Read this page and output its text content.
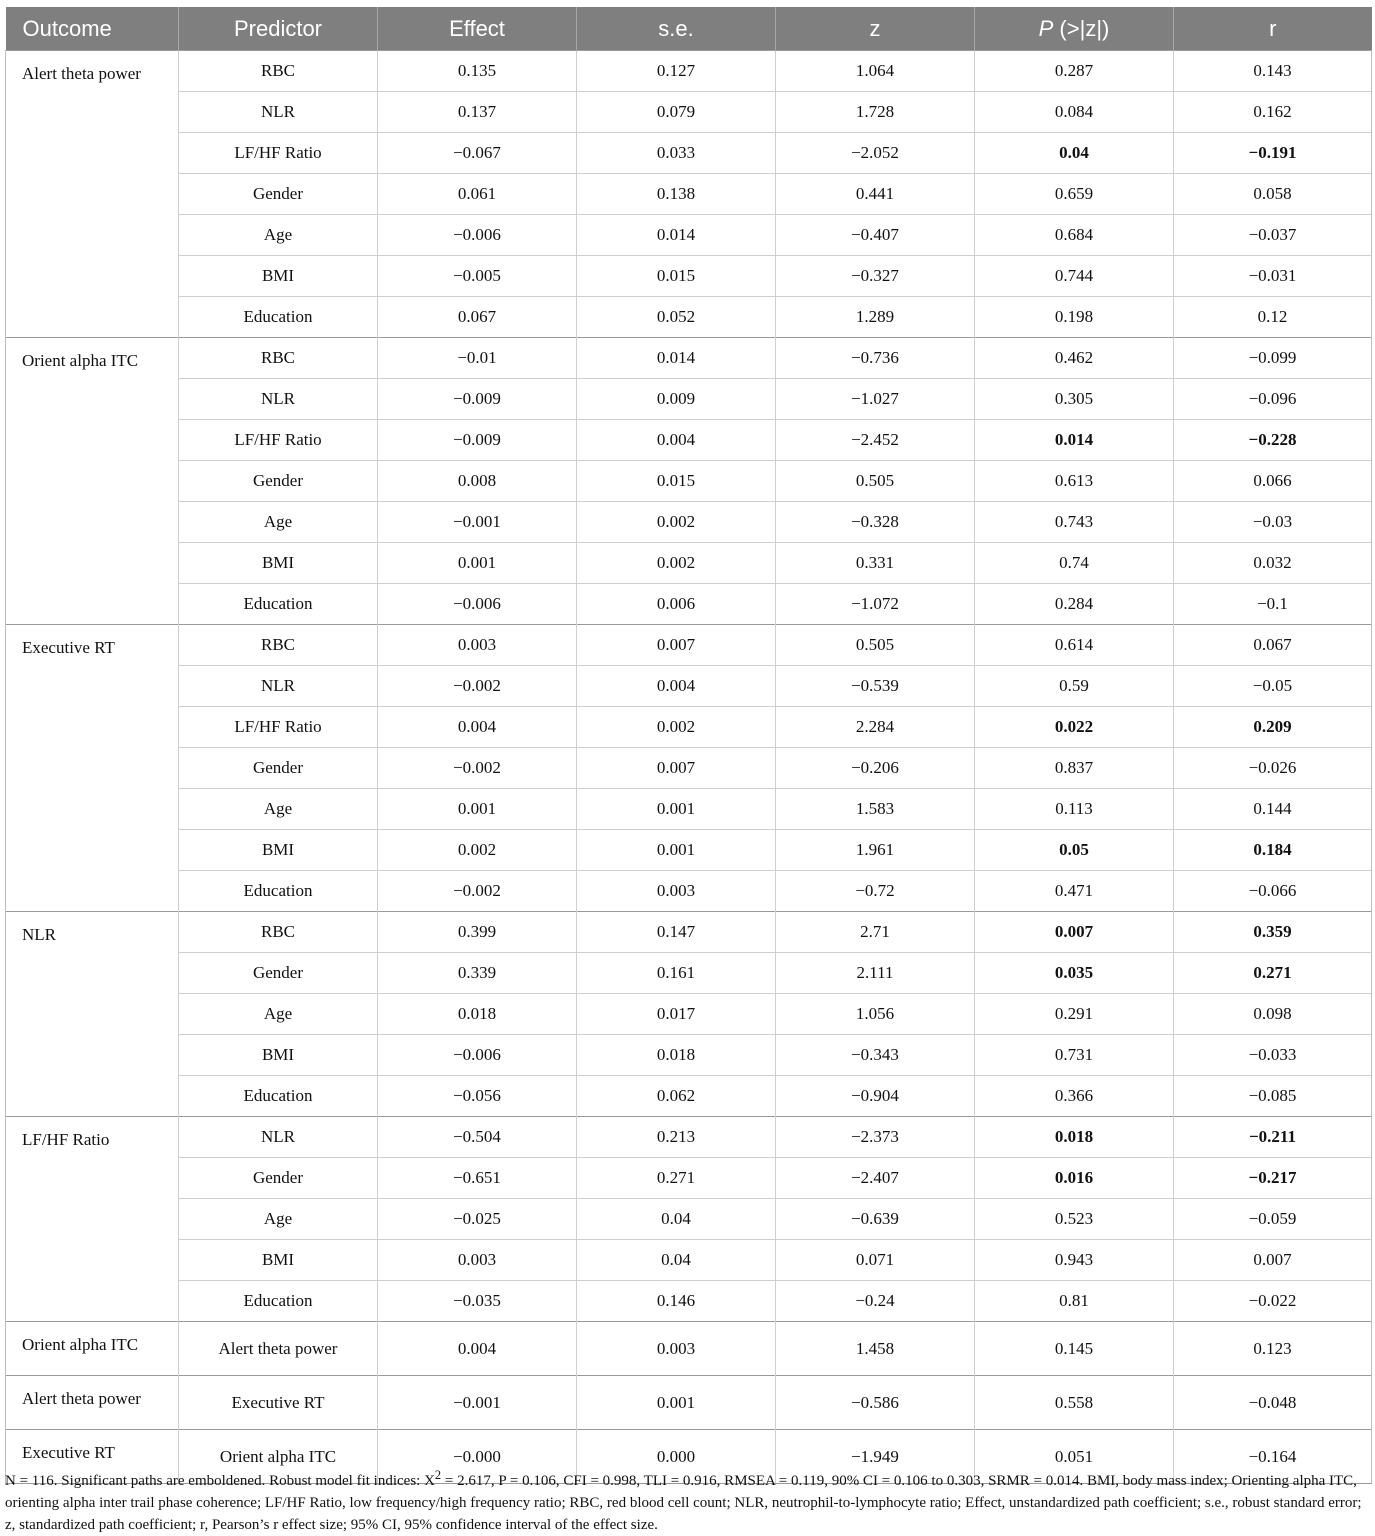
Outcome	Predictor	Effect	s.e.	z	P (>|z|)	r
Alert theta power	RBC	0.135	0.127	1.064	0.287	0.143
	NLR	0.137	0.079	1.728	0.084	0.162
	LF/HF Ratio	−0.067	0.033	−2.052	0.04	−0.191
	Gender	0.061	0.138	0.441	0.659	0.058
	Age	−0.006	0.014	−0.407	0.684	−0.037
	BMI	−0.005	0.015	−0.327	0.744	−0.031
	Education	0.067	0.052	1.289	0.198	0.12
Orient alpha ITC	RBC	−0.01	0.014	−0.736	0.462	−0.099
	NLR	−0.009	0.009	−1.027	0.305	−0.096
	LF/HF Ratio	−0.009	0.004	−2.452	0.014	−0.228
	Gender	0.008	0.015	0.505	0.613	0.066
	Age	−0.001	0.002	−0.328	0.743	−0.03
	BMI	0.001	0.002	0.331	0.74	0.032
	Education	−0.006	0.006	−1.072	0.284	−0.1
Executive RT	RBC	0.003	0.007	0.505	0.614	0.067
	NLR	−0.002	0.004	−0.539	0.59	−0.05
	LF/HF Ratio	0.004	0.002	2.284	0.022	0.209
	Gender	−0.002	0.007	−0.206	0.837	−0.026
	Age	0.001	0.001	1.583	0.113	0.144
	BMI	0.002	0.001	1.961	0.05	0.184
	Education	−0.002	0.003	−0.72	0.471	−0.066
NLR	RBC	0.399	0.147	2.71	0.007	0.359
	Gender	0.339	0.161	2.111	0.035	0.271
	Age	0.018	0.017	1.056	0.291	0.098
	BMI	−0.006	0.018	−0.343	0.731	−0.033
	Education	−0.056	0.062	−0.904	0.366	−0.085
LF/HF Ratio	NLR	−0.504	0.213	−2.373	0.018	−0.211
	Gender	−0.651	0.271	−2.407	0.016	−0.217
	Age	−0.025	0.04	−0.639	0.523	−0.059
	BMI	0.003	0.04	0.071	0.943	0.007
	Education	−0.035	0.146	−0.24	0.81	−0.022
Orient alpha ITC	Alert theta power	0.004	0.003	1.458	0.145	0.123
Alert theta power	Executive RT	−0.001	0.001	−0.586	0.558	−0.048
Executive RT	Orient alpha ITC	−0.000	0.000	−1.949	0.051	−0.164

N = 116. Significant paths are emboldened. Robust model fit indices: $X^2 = 2.617$, P = 0.106, CFI = 0.998, TLI = 0.916, RMSEA = 0.119, 90% CI = 0.106 to 0.303, SRMR = 0.014. BMI, body mass index; Orienting alpha ITC, orienting alpha inter trail phase coherence; LF/HF Ratio, low frequency/high frequency ratio; RBC, red blood cell count; NLR, neutrophil-to-lymphocyte ratio; Effect, unstandardized path coefficient; s.e., robust standard error; z, standardized path coefficient; r, Pearson’s r effect size; 95% CI, 95% confidence interval of the effect size.
